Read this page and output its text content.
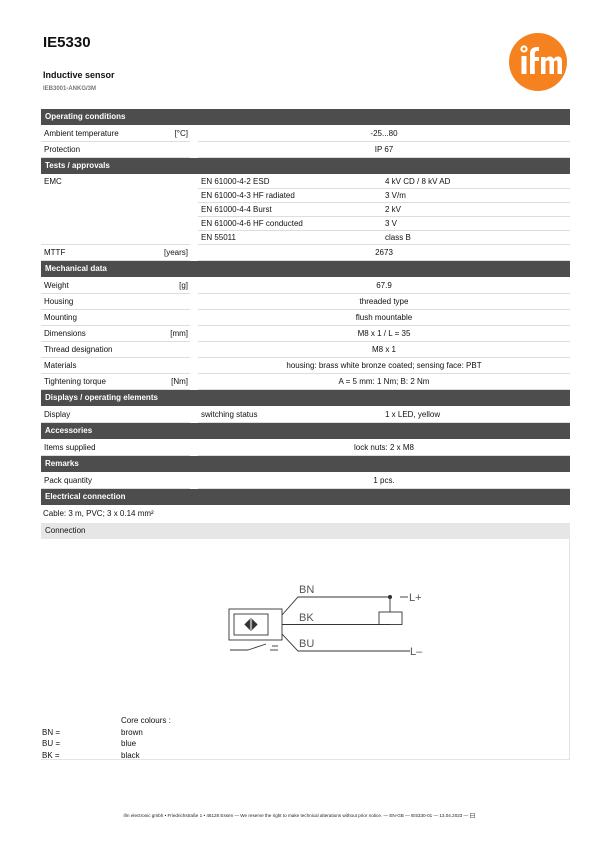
IE5330
Inductive sensor
IEB3001-ANKG/3M
Operating conditions
Ambient temperature	[°C]	-25...80
Protection	IP 67
Tests / approvals
EMC	EN 61000-4-2 ESD	4 kV CD / 8 kV AD
EN 61000-4-3 HF radiated	3 V/m
EN 61000-4-4 Burst	2 kV
EN 61000-4-6 HF conducted	3 V
EN 55011	class B
MTTF	[years]	2673
Mechanical data
Weight	[g]	67.9
Housing	threaded type
Mounting	flush mountable
Dimensions	[mm]	M8 x 1 / L = 35
Thread designation	M8 x 1
Materials	housing: brass white bronze coated; sensing face: PBT
Tightening torque	[Nm]	A = 5 mm: 1 Nm; B: 2 Nm
Displays / operating elements
Display	switching status	1 x LED, yellow
Accessories
Items supplied	lock nuts: 2 x M8
Remarks
Pack quantity	1 pcs.
Electrical connection
Cable: 3 m, PVC; 3 x 0.14 mm²
Connection
BN
BK
BU
L+
L–
Core colours :
BN =	brown
BU =	blue
BK =	black
ifm electronic gmbh • Friedrichstraße 1 • 45128 Essen — We reserve the right to make technical alterations without prior notice. — EN-GB — IE5330-01 — 13.04.2023 —
